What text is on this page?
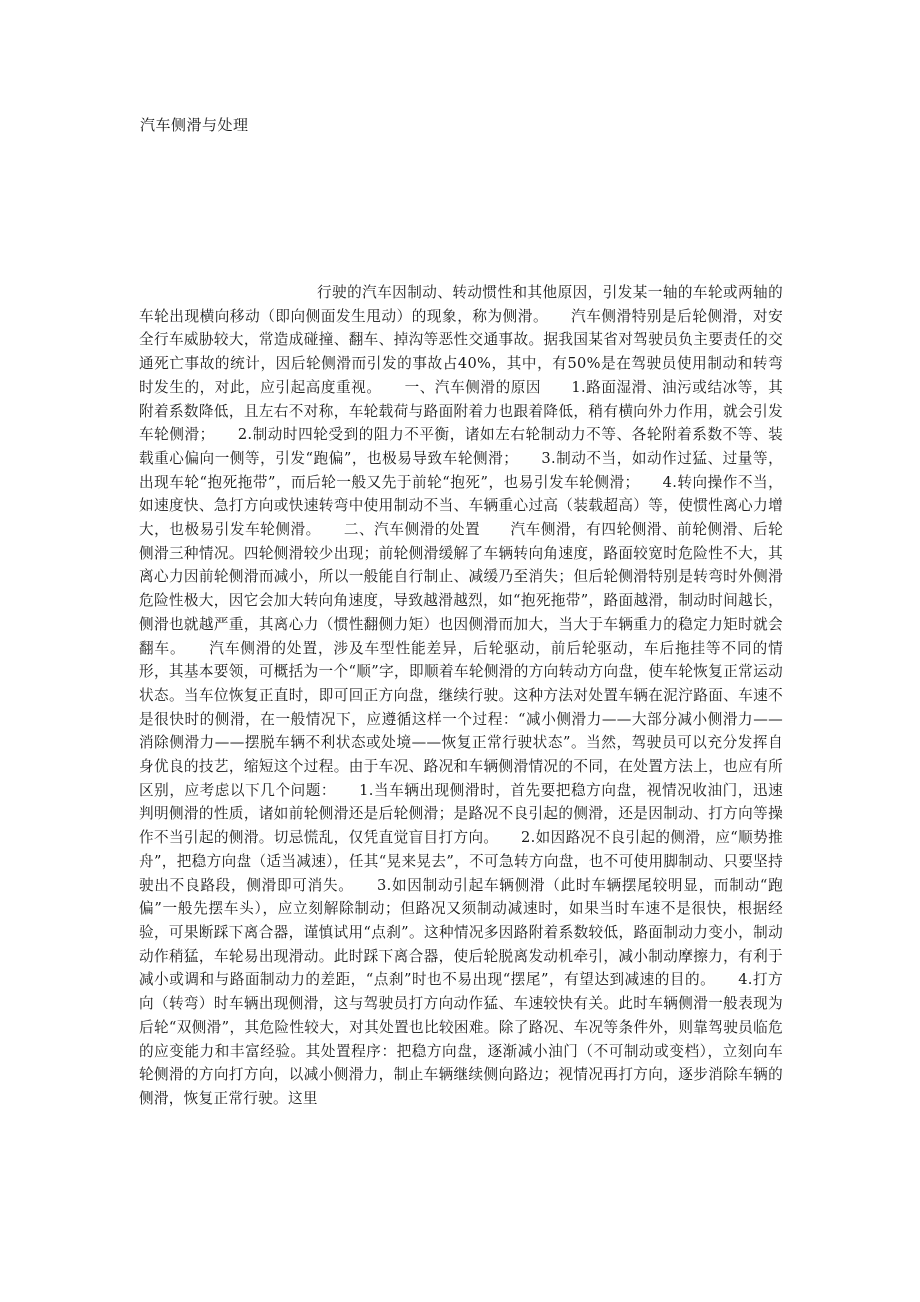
汽车侧滑与处理

行驶的汽车因制动、转动惯性和其他原因，引发某一轴的车轮或两轴的车轮出现横向移动（即向侧面发生甩动）的现象，称为侧滑。　　汽车侧滑特别是后轮侧滑，对安全行车威胁较大，常造成碰撞、翻车、掉沟等恶性交通事故。据我国某省对驾驶员负主要责任的交通死亡事故的统计，因后轮侧滑而引发的事故占40%，其中，有50%是在驾驶员使用制动和转弯时发生的，对此，应引起高度重视。　　一、汽车侧滑的原因　　1.路面湿滑、油污或结冰等，其附着系数降低，且左右不对称，车轮载荷与路面附着力也跟着降低，稍有横向外力作用，就会引发车轮侧滑；　　2.制动时四轮受到的阻力不平衡，诸如左右轮制动力不等、各轮附着系数不等、装载重心偏向一侧等，引发“跑偏”，也极易导致车轮侧滑；　　3.制动不当，如动作过猛、过量等，出现车轮“抱死拖带”，而后轮一般又先于前轮“抱死”，也易引发车轮侧滑；　　4.转向操作不当，如速度快、急打方向或快速转弯中使用制动不当、车辆重心过高（装载超高）等，使惯性离心力增大，也极易引发车轮侧滑。　　二、汽车侧滑的处置　　汽车侧滑，有四轮侧滑、前轮侧滑、后轮侧滑三种情况。四轮侧滑较少出现；前轮侧滑缓解了车辆转向角速度，路面较宽时危险性不大，其离心力因前轮侧滑而减小，所以一般能自行制止、减缓乃至消失；但后轮侧滑特别是转弯时外侧滑危险性极大，因它会加大转向角速度，导致越滑越烈，如“抱死拖带”，路面越滑，制动时间越长，侧滑也就越严重，其离心力（惯性翻侧力矩）也因侧滑而加大，当大于车辆重力的稳定力矩时就会翻车。　　汽车侧滑的处置，涉及车型性能差异，后轮驱动，前后轮驱动，车后拖挂等不同的情形，其基本要领，可概括为一个“顺”字，即顺着车轮侧滑的方向转动方向盘，使车轮恢复正常运动状态。当车位恢复正直时，即可回正方向盘，继续行驶。这种方法对处置车辆在泥泞路面、车速不是很快时的侧滑，在一般情况下，应遵循这样一个过程：“减小侧滑力——大部分减小侧滑力——消除侧滑力——摆脱车辆不利状态或处境——恢复正常行驶状态”。当然，驾驶员可以充分发挥自身优良的技艺，缩短这个过程。由于车况、路况和车辆侧滑情况的不同，在处置方法上，也应有所区别，应考虑以下几个问题：　　1.当车辆出现侧滑时，首先要把稳方向盘，视情况收油门，迅速判明侧滑的性质，诸如前轮侧滑还是后轮侧滑；是路况不良引起的侧滑，还是因制动、打方向等操作不当引起的侧滑。切忌慌乱，仅凭直觉盲目打方向。　　2.如因路况不良引起的侧滑，应“顺势推舟”，把稳方向盘（适当减速），任其“晃来晃去”，不可急转方向盘，也不可使用脚制动、只要坚持驶出不良路段，侧滑即可消失。　　3.如因制动引起车辆侧滑（此时车辆摆尾较明显，而制动“跑偏”一般先摆车头），应立刻解除制动；但路况又须制动减速时，如果当时车速不是很快，根据经验，可果断踩下离合器，谨慎试用“点刹”。这种情况多因路附着系数较低，路面制动力变小，制动动作稍猛，车轮易出现滑动。此时踩下离合器，使后轮脱离发动机牵引，减小制动摩擦力，有利于减小或调和与路面制动力的差距，“点刹”时也不易出现“摆尾”，有望达到减速的目的。　　4.打方向（转弯）时车辆出现侧滑，这与驾驶员打方向动作猛、车速较快有关。此时车辆侧滑一般表现为后轮“双侧滑”，其危险性较大，对其处置也比较困难。除了路况、车况等条件外，则靠驾驶员临危的应变能力和丰富经验。其处置程序：把稳方向盘，逐渐减小油门（不可制动或变档），立刻向车轮侧滑的方向打方向，以减小侧滑力，制止车辆继续侧向路边；视情况再打方向，逐步消除车辆的侧滑，恢复正常行驶。这里
